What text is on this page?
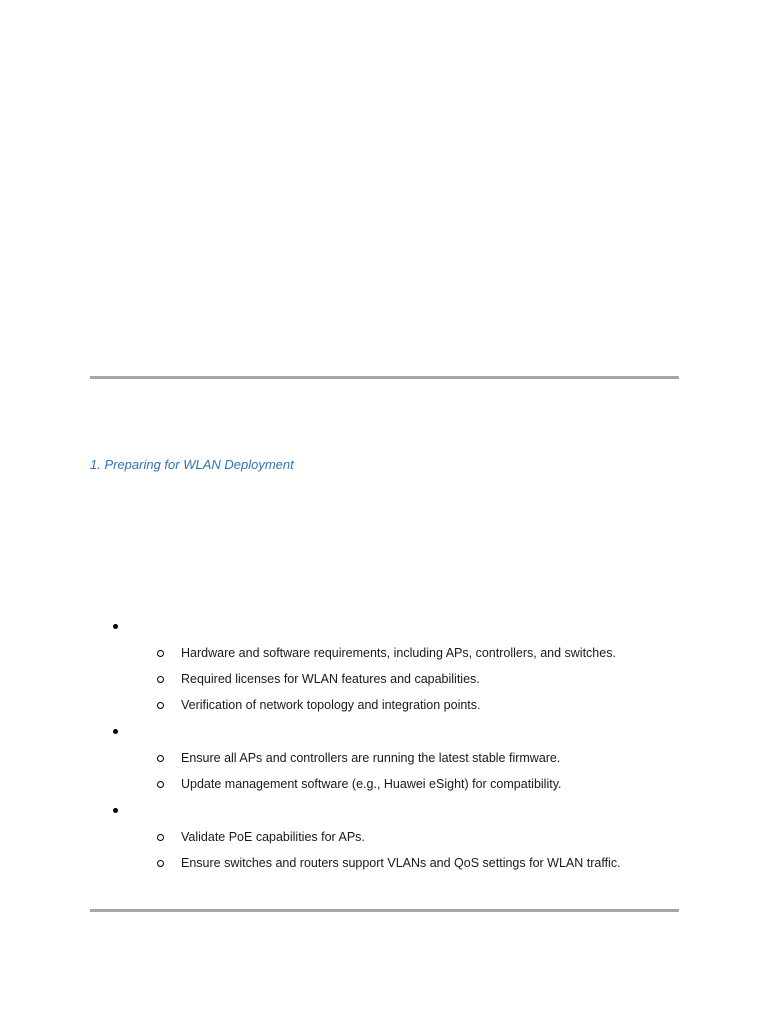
1. Preparing for WLAN Deployment
Hardware and software requirements, including APs, controllers, and switches.
Required licenses for WLAN features and capabilities.
Verification of network topology and integration points.
Ensure all APs and controllers are running the latest stable firmware.
Update management software (e.g., Huawei eSight) for compatibility.
Validate PoE capabilities for APs.
Ensure switches and routers support VLANs and QoS settings for WLAN traffic.
